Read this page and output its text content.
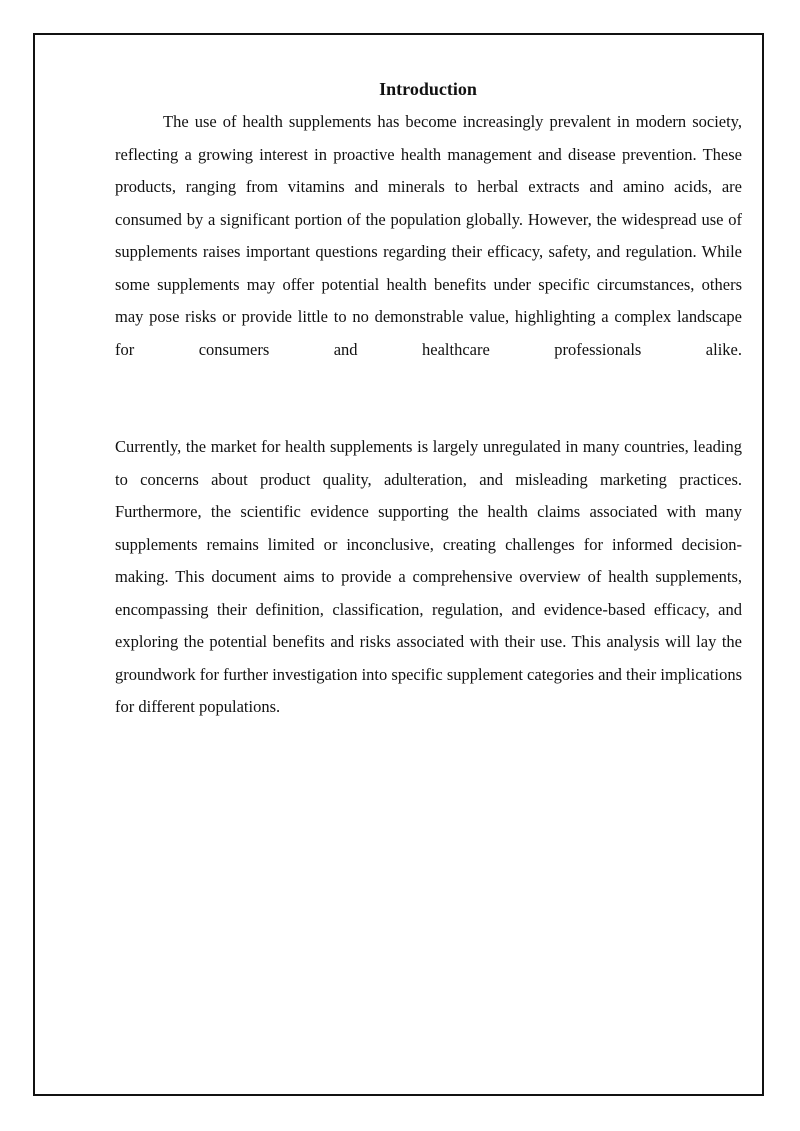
Introduction

The use of health supplements has become increasingly prevalent in modern society, reflecting a growing interest in proactive health management and disease prevention. These products, ranging from vitamins and minerals to herbal extracts and amino acids, are consumed by a significant portion of the population globally. However, the widespread use of supplements raises important questions regarding their efficacy, safety, and regulation. While some supplements may offer potential health benefits under specific circumstances, others may pose risks or provide little to no demonstrable value, highlighting a complex landscape for consumers and healthcare professionals alike.

Currently, the market for health supplements is largely unregulated in many countries, leading to concerns about product quality, adulteration, and misleading marketing practices. Furthermore, the scientific evidence supporting the health claims associated with many supplements remains limited or inconclusive, creating challenges for informed decision-making. This document aims to provide a comprehensive overview of health supplements, encompassing their definition, classification, regulation, and evidence-based efficacy, and exploring the potential benefits and risks associated with their use. This analysis will lay the groundwork for further investigation into specific supplement categories and their implications for different populations.
